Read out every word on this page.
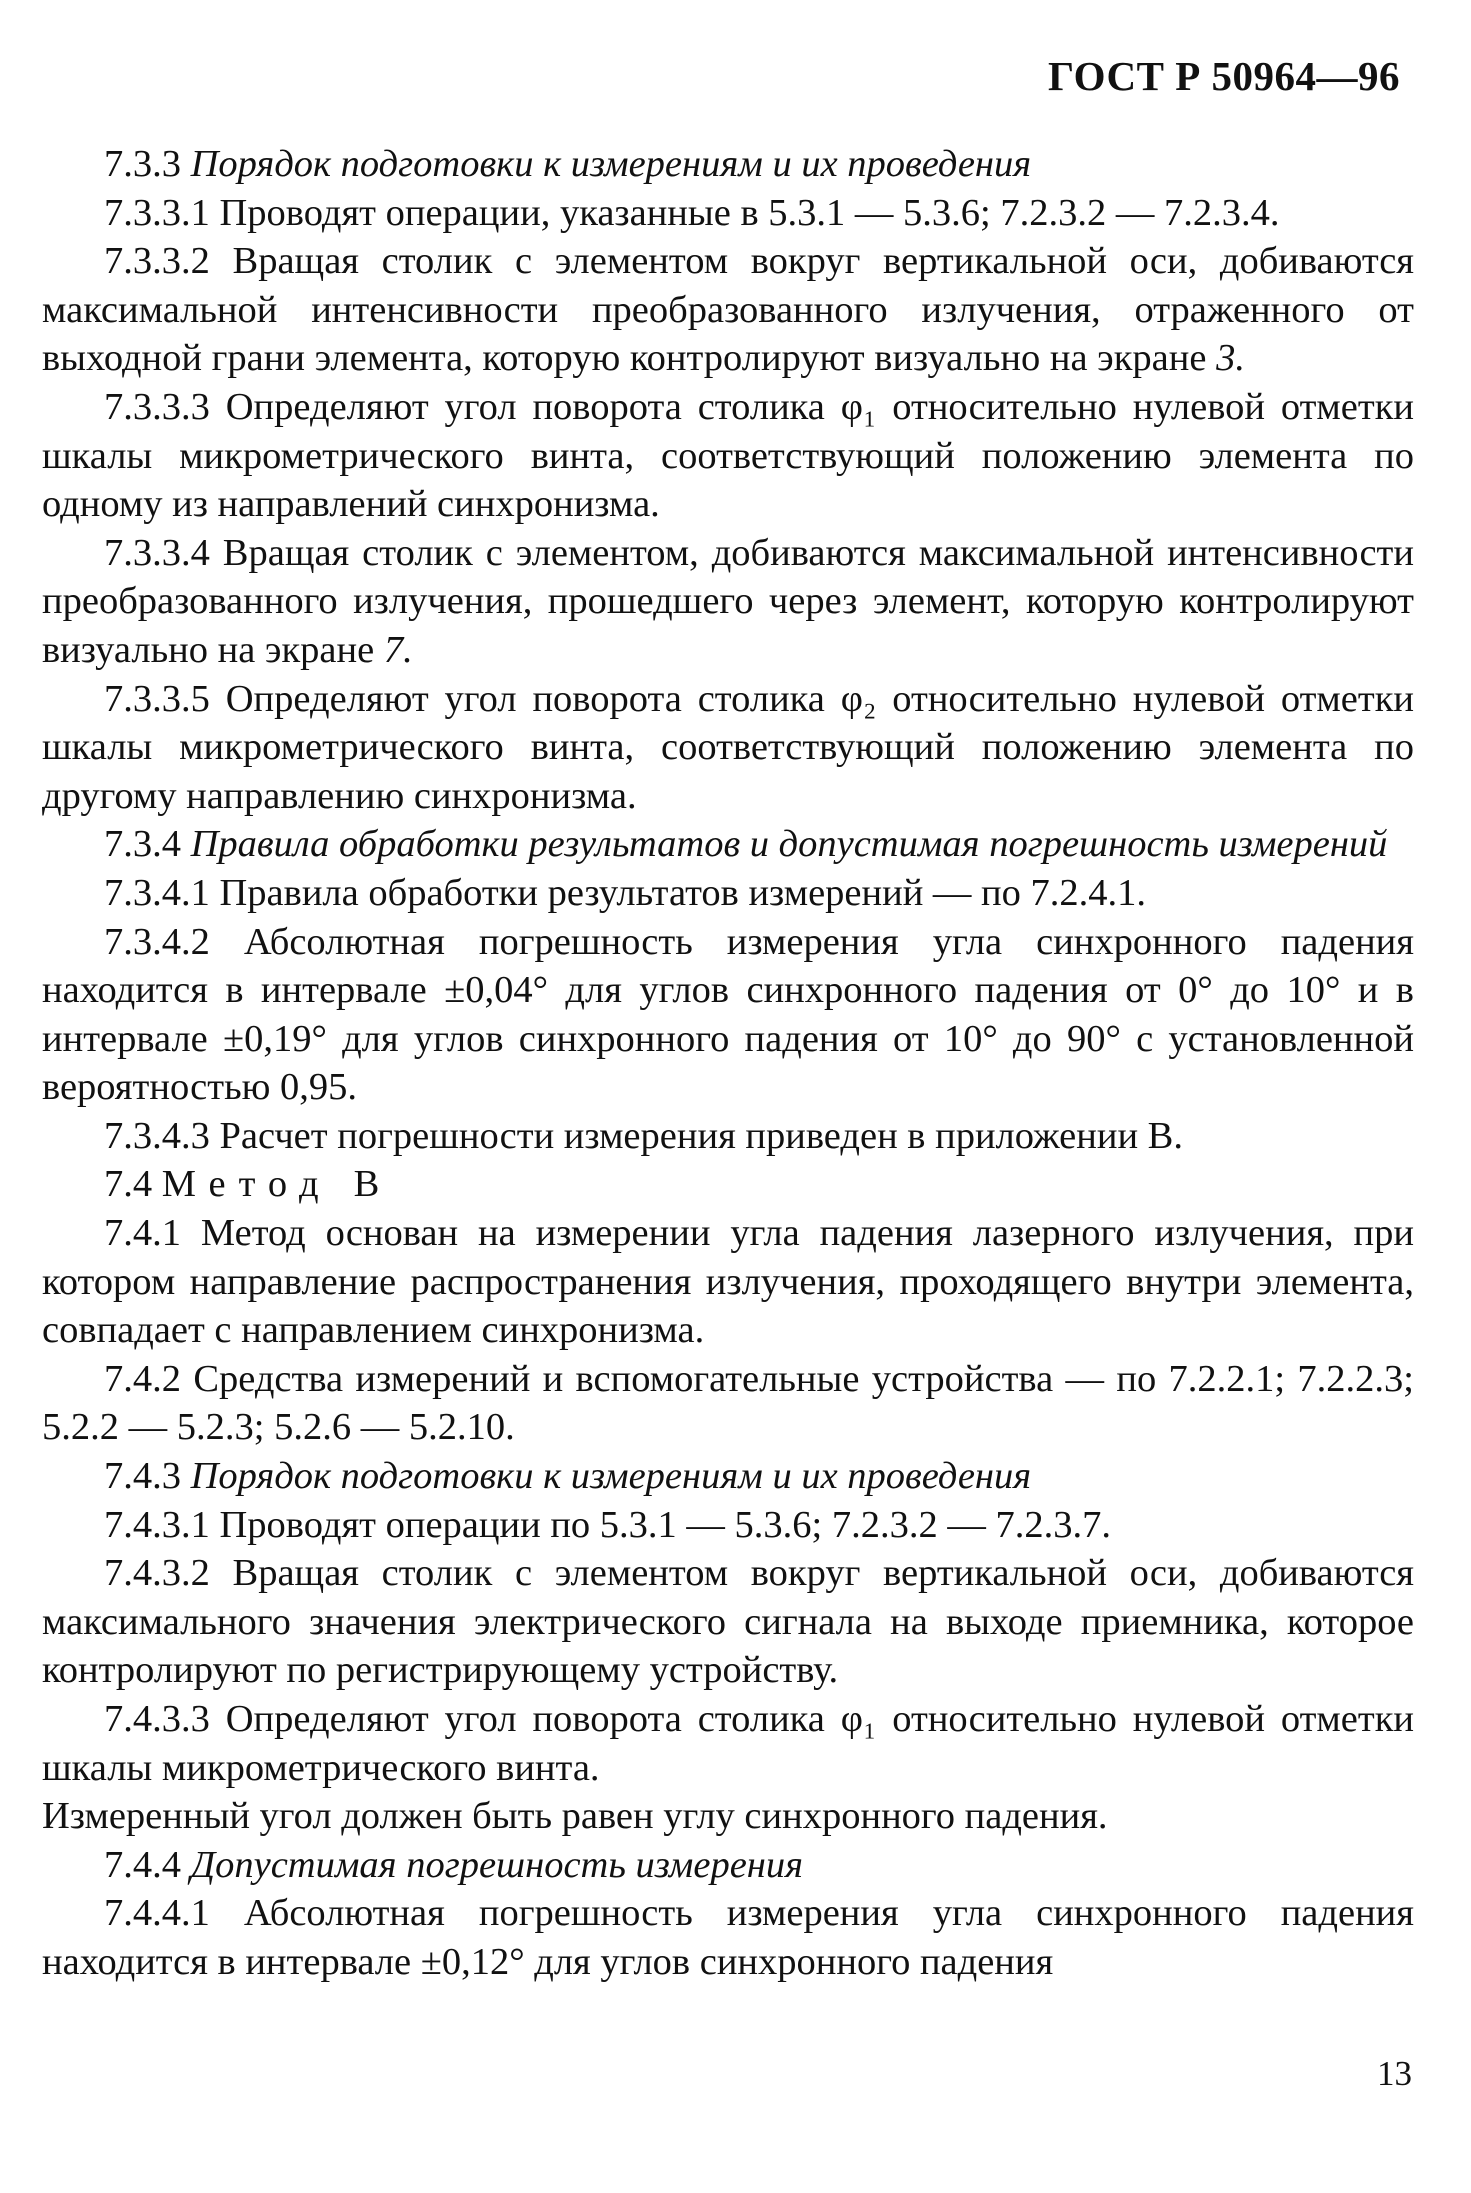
ГОСТ Р 50964—96

7.3.3 Порядок подготовки к измерениям и их проведения

7.3.3.1 Проводят операции, указанные в 5.3.1 — 5.3.6; 7.2.3.2 — 7.2.3.4.

7.3.3.2 Вращая столик с элементом вокруг вертикальной оси, добиваются максимальной интенсивности преобразованного излучения, отраженного от выходной грани элемента, которую контролируют визуально на экране 3.

7.3.3.3 Определяют угол поворота столика φ₁ относительно нулевой отметки шкалы микрометрического винта, соответствующий положению элемента по одному из направлений синхронизма.

7.3.3.4 Вращая столик с элементом, добиваются максимальной интенсивности преобразованного излучения, прошедшего через элемент, которую контролируют визуально на экране 7.

7.3.3.5 Определяют угол поворота столика φ₂ относительно нулевой отметки шкалы микрометрического винта, соответствующий положению элемента по другому направлению синхронизма.

7.3.4 Правила обработки результатов и допустимая погрешность измерений

7.3.4.1 Правила обработки результатов измерений — по 7.2.4.1.

7.3.4.2 Абсолютная погрешность измерения угла синхронного падения находится в интервале ±0,04° для углов синхронного падения от 0° до 10° и в интервале ±0,19° для углов синхронного падения от 10° до 90° с установленной вероятностью 0,95.

7.3.4.3 Расчет погрешности измерения приведен в приложении В.

7.4 Метод В

7.4.1 Метод основан на измерении угла падения лазерного излучения, при котором направление распространения излучения, проходящего внутри элемента, совпадает с направлением синхронизма.

7.4.2 Средства измерений и вспомогательные устройства — по 7.2.2.1; 7.2.2.3; 5.2.2 — 5.2.3; 5.2.6 — 5.2.10.

7.4.3 Порядок подготовки к измерениям и их проведения

7.4.3.1 Проводят операции по 5.3.1 — 5.3.6; 7.2.3.2 — 7.2.3.7.

7.4.3.2 Вращая столик с элементом вокруг вертикальной оси, добиваются максимального значения электрического сигнала на выходе приемника, которое контролируют по регистрирующему устройству.

7.4.3.3 Определяют угол поворота столика φ₁ относительно нулевой отметки шкалы микрометрического винта.

Измеренный угол должен быть равен углу синхронного падения.

7.4.4 Допустимая погрешность измерения

7.4.4.1 Абсолютная погрешность измерения угла синхронного падения находится в интервале ±0,12° для углов синхронного падения

13
